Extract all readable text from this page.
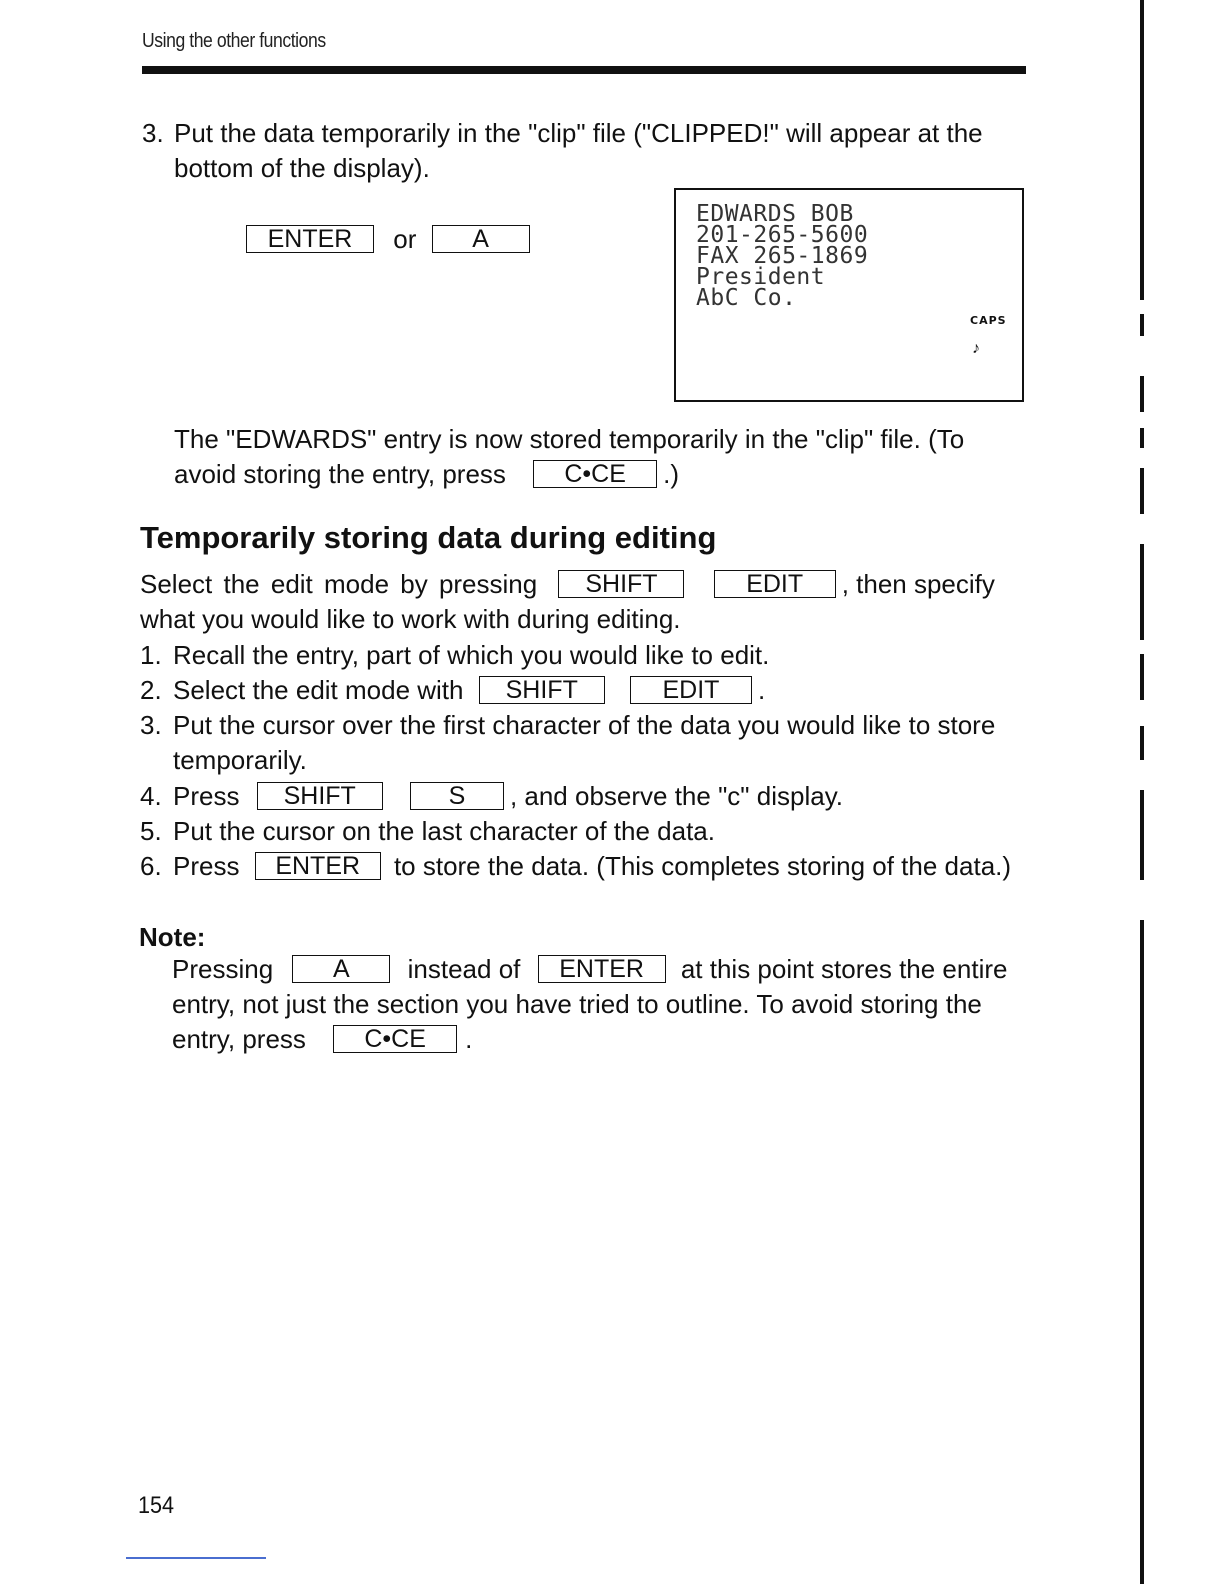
Using the other functions
3. Put the data temporarily in the "clip" file ("CLIPPED!" will appear at the
bottom of the display).
ENTER or A
EDWARDS BOB
201-265-5600
FAX 265-1869
President
AbC Co.
CAPS
♪
The "EDWARDS" entry is now stored temporarily in the "clip" file. (To
avoid storing the entry, press C•CE .)
Temporarily storing data during editing
Select the edit mode by pressing SHIFT	EDIT , then specify
what you would like to work with during editing.
1. Recall the entry, part of which you would like to edit.
2. Select the edit mode with SHIFT	EDIT .
3. Put the cursor over the first character of the data you would like to store
temporarily.
4. Press SHIFT	S , and observe the "c" display.
5. Put the cursor on the last character of the data.
6. Press ENTER to store the data. (This completes storing of the data.)
Note:
Pressing A instead of ENTER at this point stores the entire
entry, not just the section you have tried to outline. To avoid storing the
entry, press C•CE .
154
